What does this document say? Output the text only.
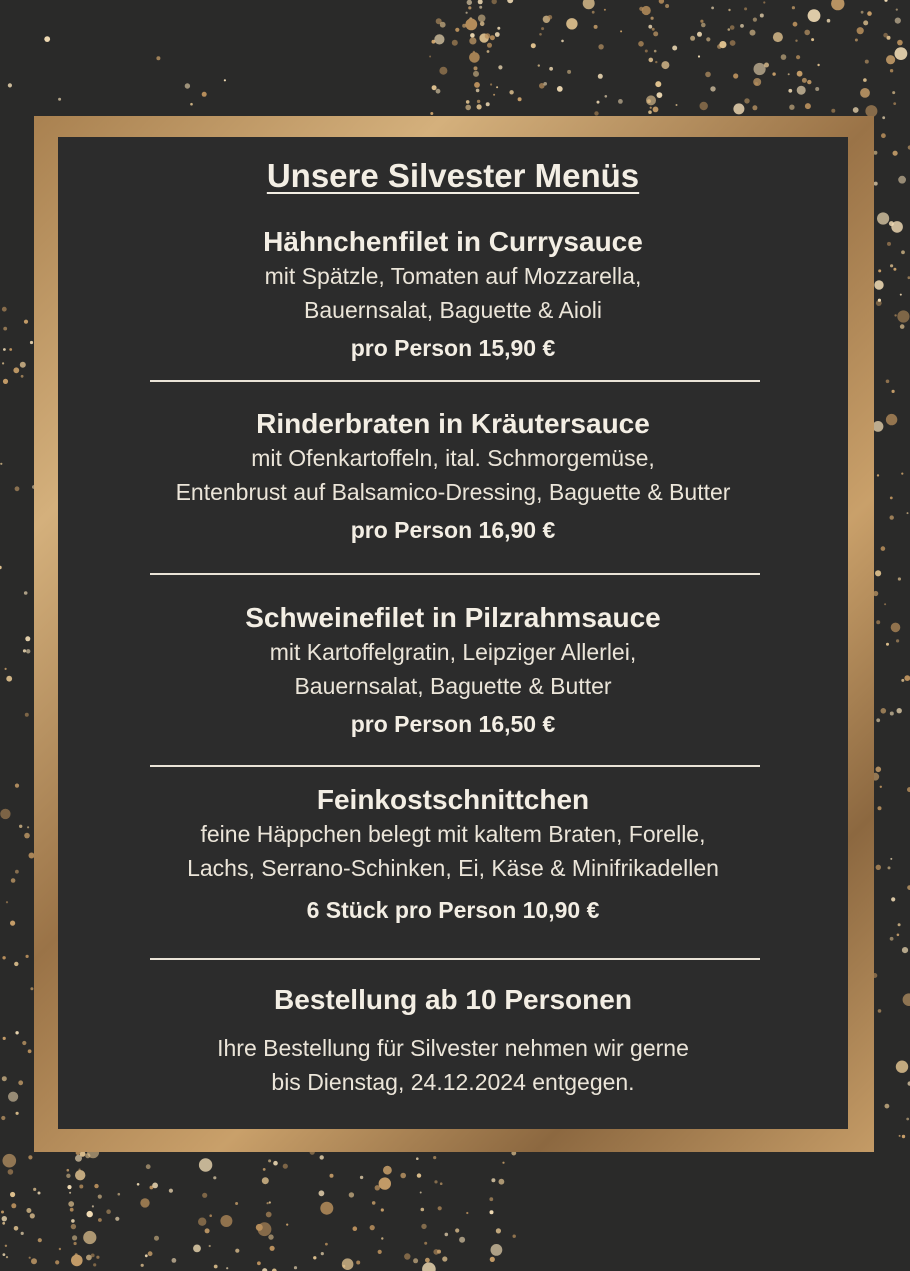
Unsere Silvester Menüs
Hähnchenfilet in Currysauce
mit Spätzle, Tomaten auf Mozzarella,
Bauernsalat, Baguette & Aioli
pro Person 15,90 €
Rinderbraten in Kräutersauce
mit Ofenkartoffeln, ital. Schmorgemüse,
Entenbrust auf Balsamico-Dressing, Baguette & Butter
pro Person 16,90 €
Schweinefilet in Pilzrahmsauce
mit Kartoffelgratin, Leipziger Allerlei,
Bauernsalat, Baguette & Butter
pro Person 16,50 €
Feinkostschnittchen
feine Häppchen belegt mit kaltem Braten, Forelle,
Lachs, Serrano-Schinken, Ei, Käse & Minifrikadellen
6 Stück pro Person 10,90 €
Bestellung ab 10 Personen
Ihre Bestellung für Silvester nehmen wir gerne
bis Dienstag, 24.12.2024 entgegen.
